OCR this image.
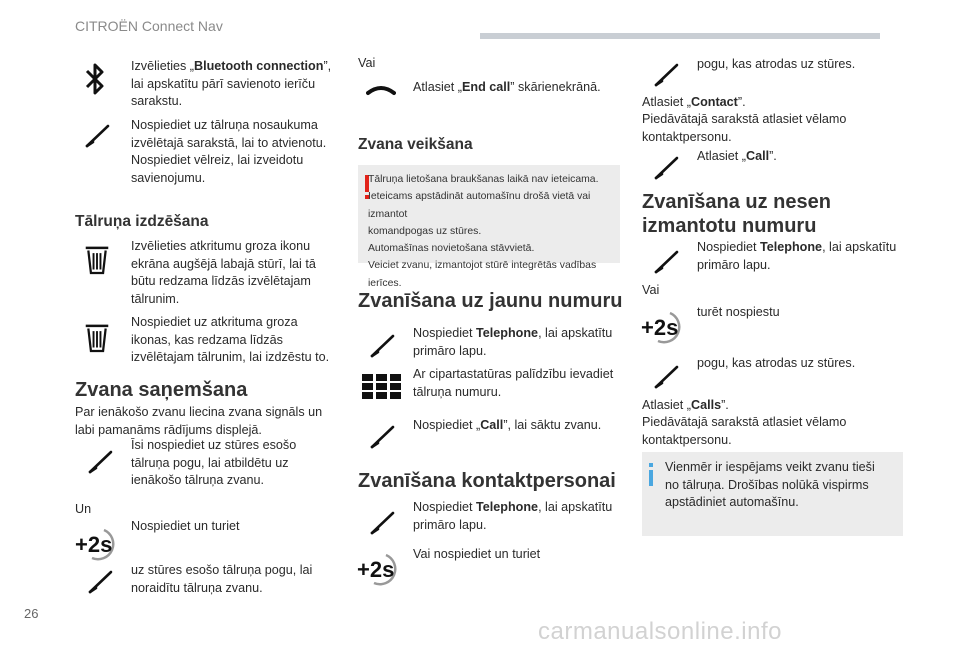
CITROËN Connect Nav
Izvēlieties „Bluetooth connection”,
lai apskatītu pārī savienoto ierīču
sarakstu.
Nospiediet uz tālruņa nosaukuma
izvēlētajā sarakstā, lai to atvienotu.
Nospiediet vēlreiz, lai izveidotu
savienojumu.
Tālruņa izdzēšana
Izvēlieties atkritumu groza ikonu
ekrāna augšējā labajā stūrī, lai tā
būtu redzama līdzās izvēlētajam
tālrunim.
Nospiediet uz atkrituma groza
ikonas, kas redzama līdzās
izvēlētajam tālrunim, lai izdzēstu to.
Zvana saņemšana
Par ienākošo zvanu liecina zvana signāls un
labi pamanāms rādījums displejā.
Īsi nospiediet uz stūres esošo
tālruņa pogu, lai atbildētu uz
ienākošo tālruņa zvanu.
Un
Nospiediet un turiet
uz stūres esošo tālruņa pogu, lai
noraidītu tālruņa zvanu.
Vai
Atlasiet „End call” skārienekrānā.
Zvana veikšana
Tālruņa lietošana braukšanas laikā nav ieteicama.
Ieteicams apstādināt automašīnu drošā vietā vai izmantot
komandpogas uz stūres.
Automašīnas novietošana stāvvietā.
Veiciet zvanu, izmantojot stūrē integrētās vadības ierīces.
Zvanīšana uz jaunu numuru
Nospiediet Telephone, lai apskatītu
primāro lapu.
Ar cipartastatūras palīdzību ievadiet
tālruņa numuru.
Nospiediet „Call”, lai sāktu zvanu.
Zvanīšana kontaktpersonai
Nospiediet Telephone, lai apskatītu
primāro lapu.
Vai nospiediet un turiet
pogu, kas atrodas uz stūres.
Atlasiet „Contact”.
Piedāvātajā sarakstā atlasiet vēlamo
kontaktpersonu.
Atlasiet „Call”.
Zvanīšana uz nesen
izmantotu numuru
Nospiediet Telephone, lai apskatītu
primāro lapu.
Vai
turēt nospiestu
pogu, kas atrodas uz stūres.
Atlasiet „Calls”.
Piedāvātajā sarakstā atlasiet vēlamo
kontaktpersonu.
Vienmēr ir iespējams veikt zvanu tieši
no tālruņa. Drošības nolūkā vispirms
apstādiniet automašīnu.
26
carmanualsonline.info
